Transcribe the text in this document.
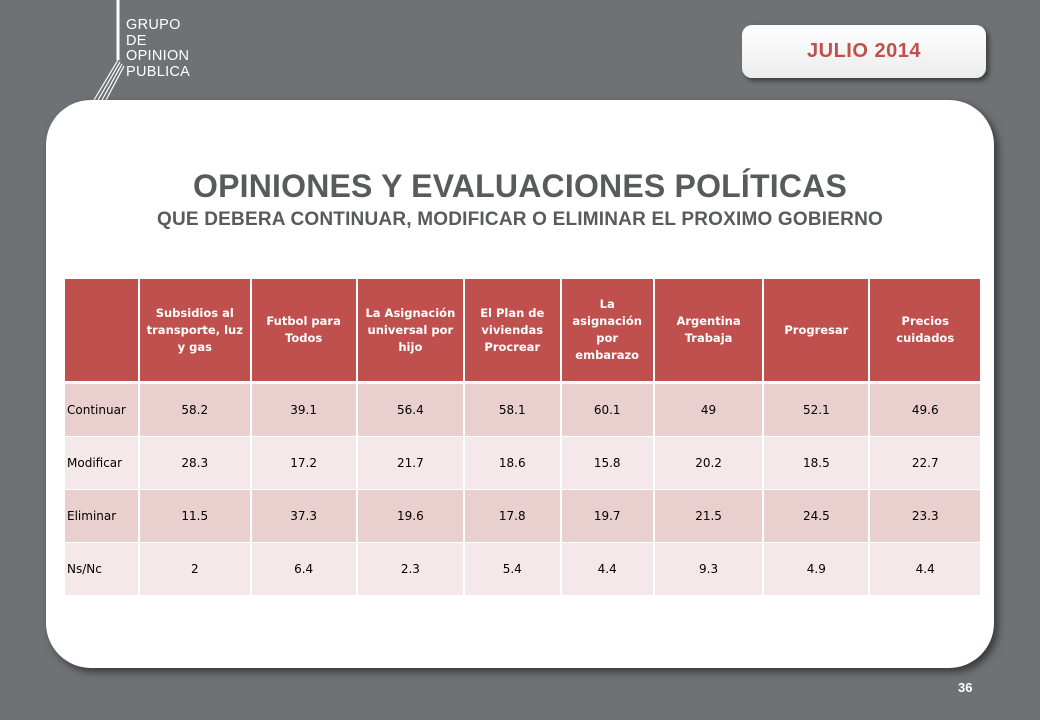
GRUPO
DE
OPINION
PUBLICA
JULIO 2014
OPINIONES Y EVALUACIONES POLÍTICAS
QUE DEBERA CONTINUAR, MODIFICAR O ELIMINAR EL PROXIMO GOBIERNO
	Subsidios al transporte, luz y gas	Futbol para Todos	La Asignación universal por hijo	El Plan de viviendas Procrear	La asignación por embarazo	Argentina Trabaja	Progresar	Precios cuidados
Continuar	58.2	39.1	56.4	58.1	60.1	49	52.1	49.6
Modificar	28.3	17.2	21.7	18.6	15.8	20.2	18.5	22.7
Eliminar	11.5	37.3	19.6	17.8	19.7	21.5	24.5	23.3
Ns/Nc	2	6.4	2.3	5.4	4.4	9.3	4.9	4.4
36
